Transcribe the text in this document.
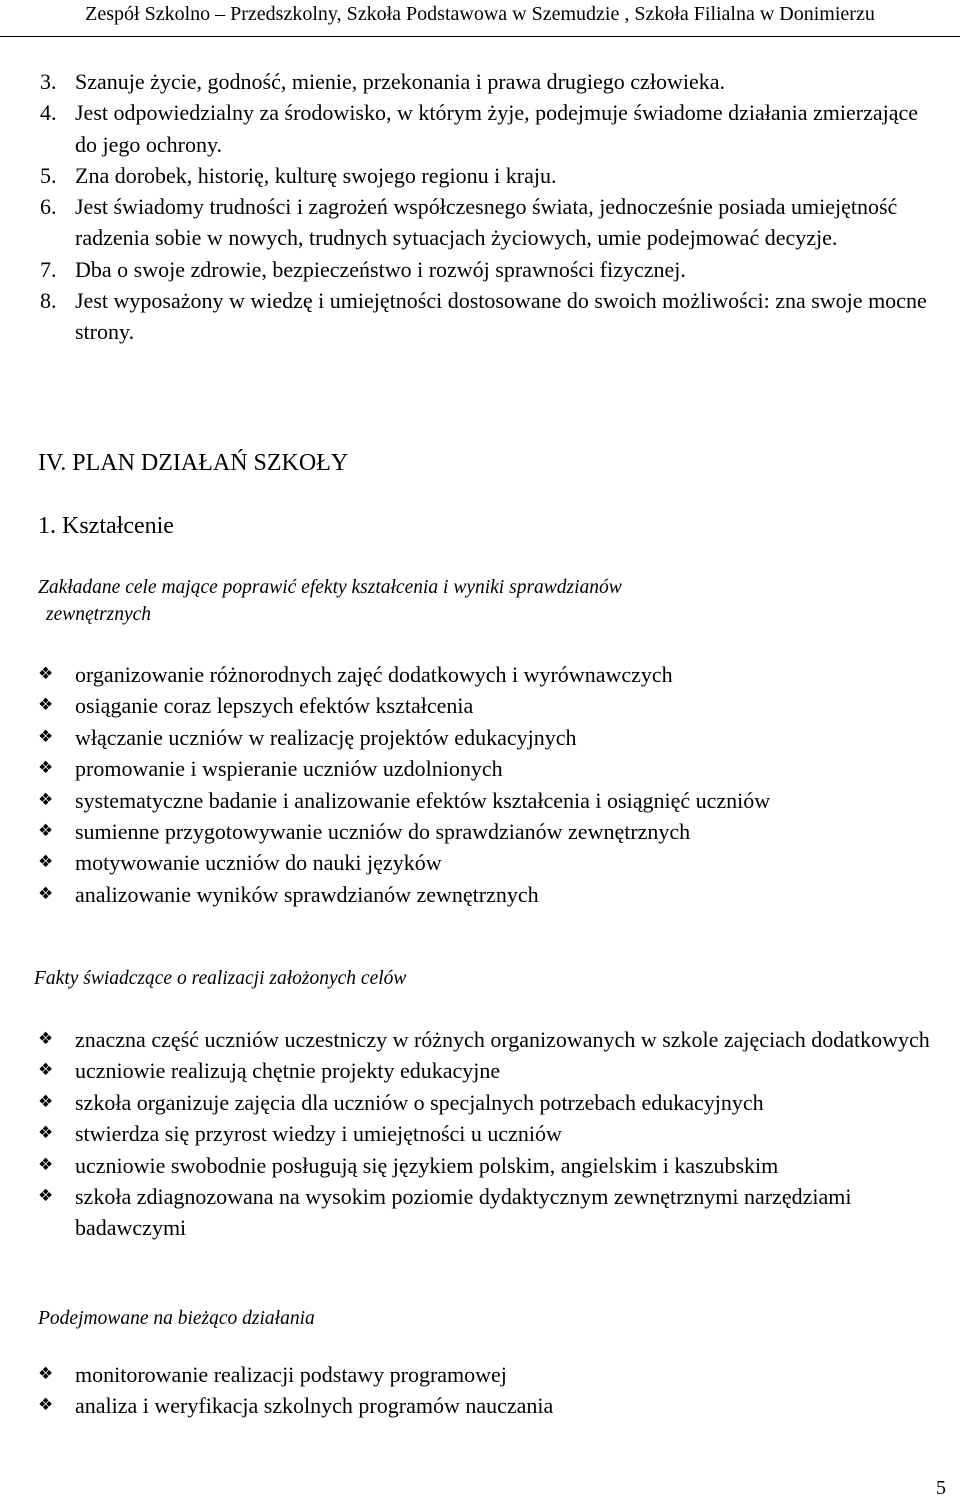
Zespół Szkolno – Przedszkolny, Szkoła Podstawowa w Szemudzie , Szkoła Filialna w Donimierzu
3. Szanuje życie, godność, mienie, przekonania i prawa drugiego człowieka.
4. Jest odpowiedzialny za środowisko, w którym żyje, podejmuje świadome działania zmierzające do jego ochrony.
5. Zna dorobek, historię, kulturę swojego regionu i kraju.
6. Jest świadomy trudności i zagrożeń współczesnego świata, jednocześnie posiada umiejętność radzenia sobie w nowych, trudnych sytuacjach życiowych, umie podejmować decyzje.
7. Dba o swoje zdrowie, bezpieczeństwo i rozwój sprawności fizycznej.
8. Jest wyposażony w wiedzę i umiejętności dostosowane do swoich możliwości: zna swoje mocne strony.
IV. PLAN DZIAŁAŃ SZKOŁY
1. Kształcenie
Zakładane cele mające poprawić efekty kształcenia i wyniki sprawdzianów
zewnętrznych
❖ organizowanie różnorodnych zajęć dodatkowych i wyrównawczych
❖ osiąganie coraz lepszych efektów kształcenia
❖ włączanie uczniów w realizację projektów edukacyjnych
❖ promowanie i wspieranie uczniów uzdolnionych
❖ systematyczne badanie i analizowanie efektów kształcenia i osiągnięć uczniów
❖ sumienne przygotowywanie uczniów do sprawdzianów zewnętrznych
❖ motywowanie uczniów do nauki języków
❖ analizowanie wyników sprawdzianów zewnętrznych
Fakty świadczące o realizacji założonych celów
❖ znaczna część uczniów uczestniczy w różnych organizowanych w szkole zajęciach dodatkowych
❖ uczniowie realizują chętnie projekty edukacyjne
❖ szkoła organizuje zajęcia dla uczniów o specjalnych potrzebach edukacyjnych
❖ stwierdza się przyrost wiedzy i umiejętności u uczniów
❖ uczniowie swobodnie posługują się językiem polskim, angielskim i kaszubskim
❖ szkoła zdiagnozowana na wysokim poziomie dydaktycznym zewnętrznymi narzędziami badawczymi
Podejmowane na bieżąco działania
❖ monitorowanie realizacji podstawy programowej
❖ analiza i weryfikacja szkolnych programów nauczania
5
